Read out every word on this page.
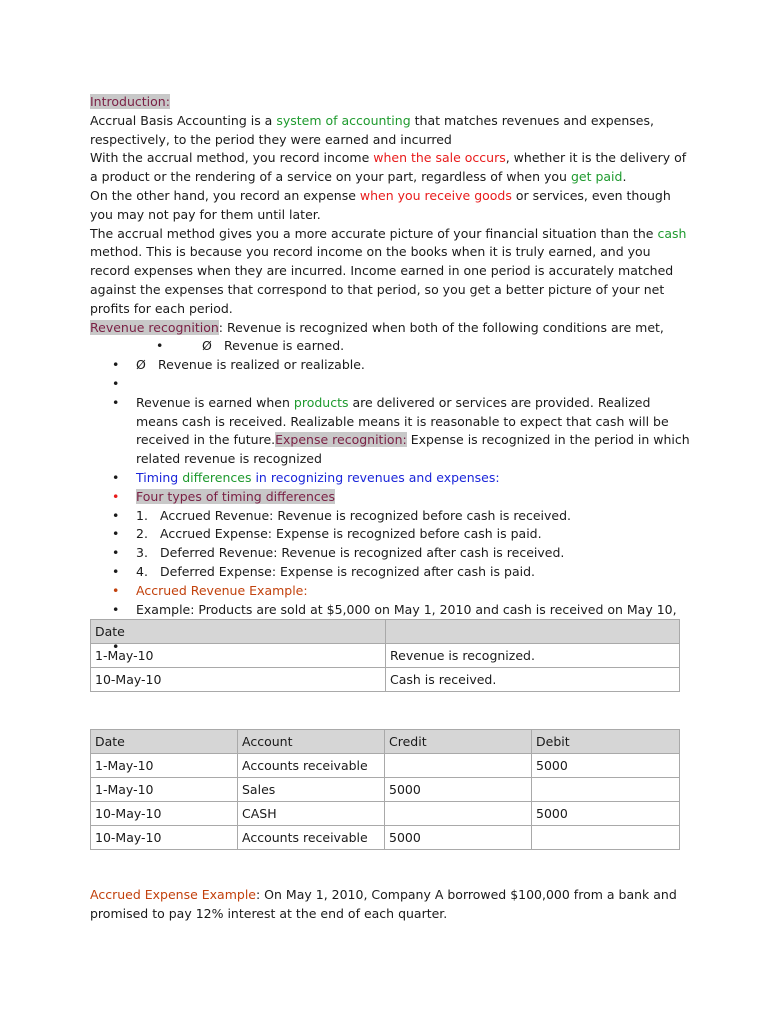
Introduction:

Accrual Basis Accounting is a system of accounting that matches revenues and expenses, respectively, to the period they were earned and incurred

With the accrual method, you record income when the sale occurs, whether it is the delivery of a product or the rendering of a service on your part, regardless of when you get paid.

On the other hand, you record an expense when you receive goods or services, even though you may not pay for them until later.

The accrual method gives you a more accurate picture of your financial situation than the cash method. This is because you record income on the books when it is truly earned, and you record expenses when they are incurred. Income earned in one period is accurately matched against the expenses that correspond to that period, so you get a better picture of your net profits for each period.

Revenue recognition: Revenue is recognized when both of the following conditions are met,

• Ø Revenue is earned.
• Ø Revenue is realized or realizable.
•
• Revenue is earned when products are delivered or services are provided. Realized means cash is received. Realizable means it is reasonable to expect that cash will be received in the future.Expense recognition: Expense is recognized in the period in which related revenue is recognized
• Timing differences in recognizing revenues and expenses:
• Four types of timing differences
• 1. Accrued Revenue: Revenue is recognized before cash is received.
• 2. Accrued Expense: Expense is recognized before cash is paid.
• 3. Deferred Revenue: Revenue is recognized after cash is received.
• 4. Deferred Expense: Expense is recognized after cash is paid.
• Accrued Revenue Example:
• Example: Products are sold at $5,000 on May 1, 2010 and cash is received on May 10,
•
Date	
1-May-10	Revenue is recognized.
10-May-10	Cash is received.
Date	Account	Credit	Debit
1-May-10	Accounts receivable		5000
1-May-10	Sales	5000	
10-May-10	CASH		5000
10-May-10	Accounts receivable	5000	
Accrued Expense Example: On May 1, 2010, Company A borrowed $100,000 from a bank and promised to pay 12% interest at the end of each quarter.
